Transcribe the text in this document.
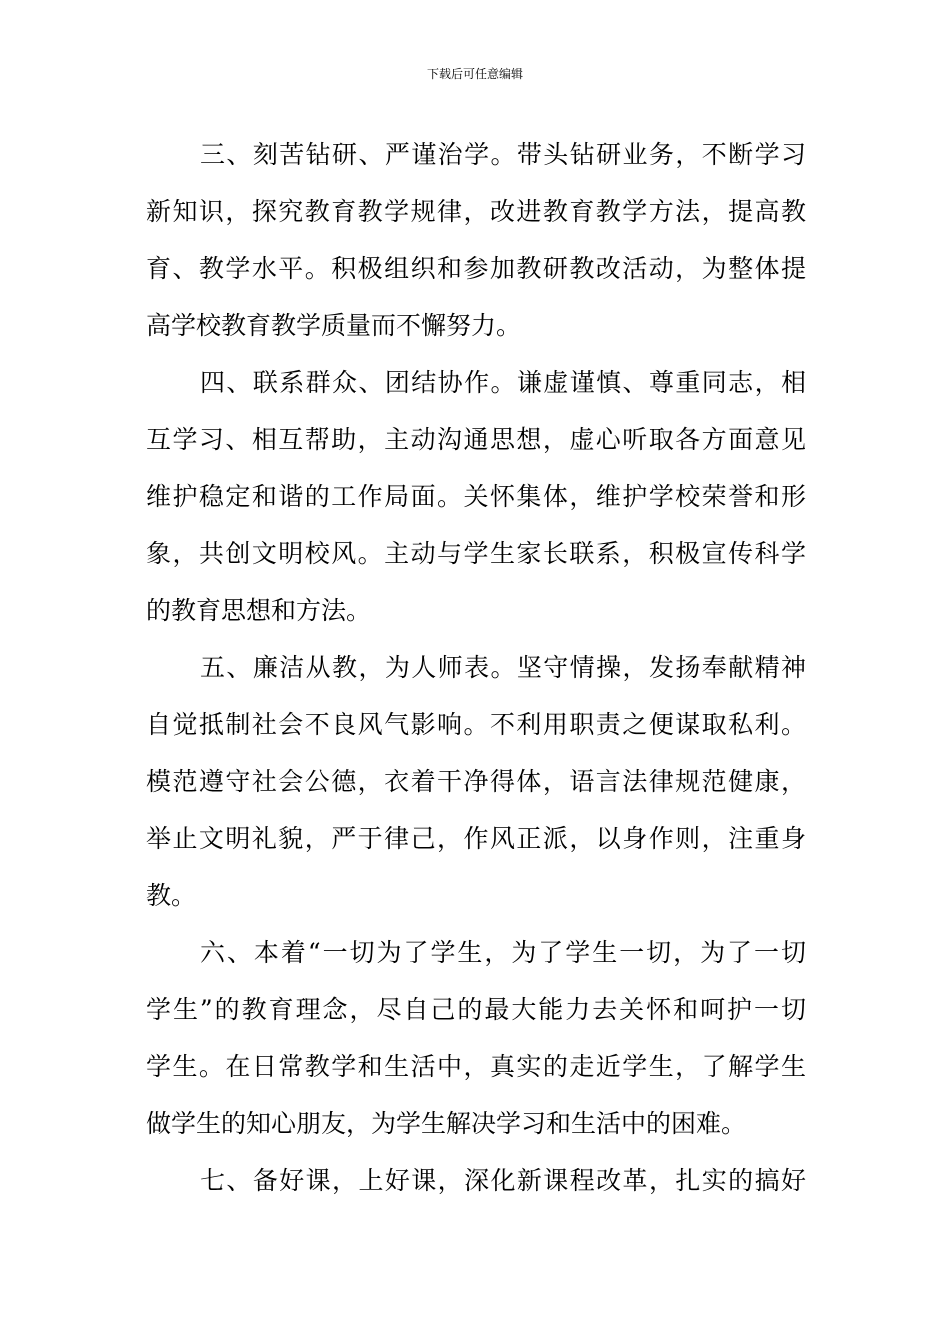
下载后可任意编辑
三、刻苦钻研、严谨治学。带头钻研业务，不断学习
新知识，探究教育教学规律，改进教育教学方法，提高教
育、教学水平。积极组织和参加教研教改活动，为整体提
高学校教育教学质量而不懈努力。
四、联系群众、团结协作。谦虚谨慎、尊重同志，相
互学习、相互帮助，主动沟通思想，虚心听取各方面意见
维护稳定和谐的工作局面。关怀集体，维护学校荣誉和形
象，共创文明校风。主动与学生家长联系，积极宣传科学
的教育思想和方法。
五、廉洁从教，为人师表。坚守情操，发扬奉献精神
自觉抵制社会不良风气影响。不利用职责之便谋取私利。
模范遵守社会公德，衣着干净得体，语言法律规范健康，
举止文明礼貌，严于律己，作风正派，以身作则，注重身
教。
六、本着“一切为了学生，为了学生一切，为了一切
学生”的教育理念，尽自己的最大能力去关怀和呵护一切
学生。在日常教学和生活中，真实的走近学生，了解学生
做学生的知心朋友，为学生解决学习和生活中的困难。
七、备好课，上好课，深化新课程改革，扎实的搞好
